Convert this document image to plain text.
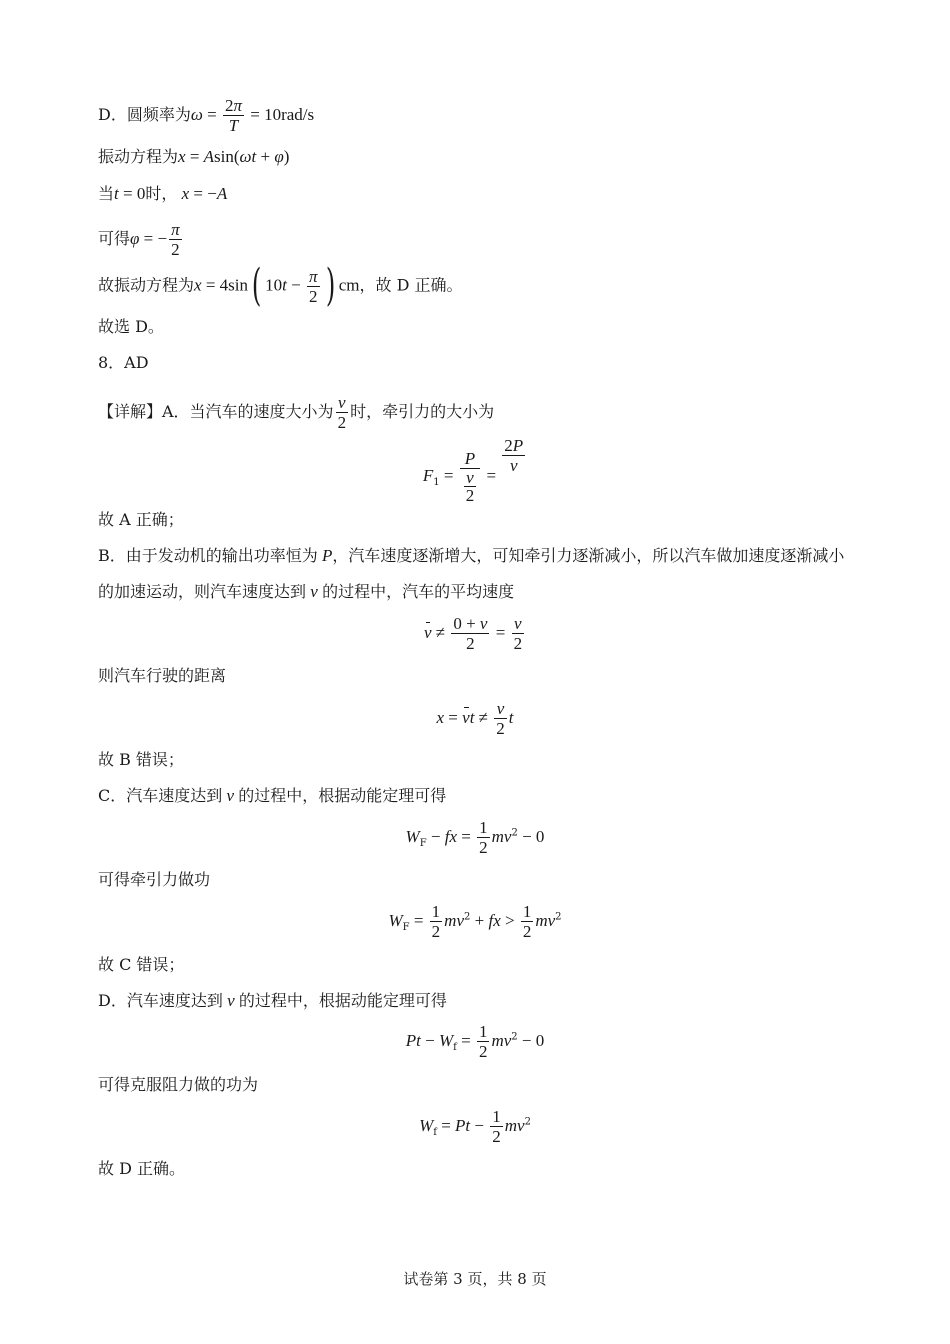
D．圆频率为$\omega = \frac{2\pi}{T} = 10rad/s$
振动方程为x = Asin(ωt + φ)
当t = 0时， x = −A
可得φ = − $\frac{\pi}{2}$
故振动方程为x = 4sin( $10t - \frac{\pi}{2}$ ) cm，故 D 正确。
故选 D。
8．AD
【详解】A．当汽车的速度大小为 $\frac{v}{2}$ 时，牵引力的大小为
$F_1 = \frac{P}{\frac{v}{2}}$ =
$\frac{2P}{v}$
故 A 正确；
B．由于发动机的输出功率恒为 P，汽车速度逐渐增大，可知牵引力逐渐减小，所以汽车做加速度逐渐减小
的加速运动，则汽车速度达到 v 的过程中，汽车的平均速度
$v \ne \frac{0 + v}{2} = \frac{v}{2}$
则汽车行驶的距离
x = vt ≠ $\frac{v}{2}$ t
故 B 错误；
C．汽车速度达到 v 的过程中，根据动能定理可得
$W_F$ − fx = $\frac{1}{2} mv^2 - 0$
可得牵引力做功
$W_F = \frac{1}{2} mv^2$ + fx > $\frac{1}{2} mv^2$
故 C 错误；
D．汽车速度达到 v 的过程中，根据动能定理可得
$Pt - W_f = \frac{1}{2} mv^2 - 0$
可得克服阻力做的功为
$W_f = Pt - \frac{1}{2} mv^2$
故 D 正确。
试卷第 3 页，共 8 页
